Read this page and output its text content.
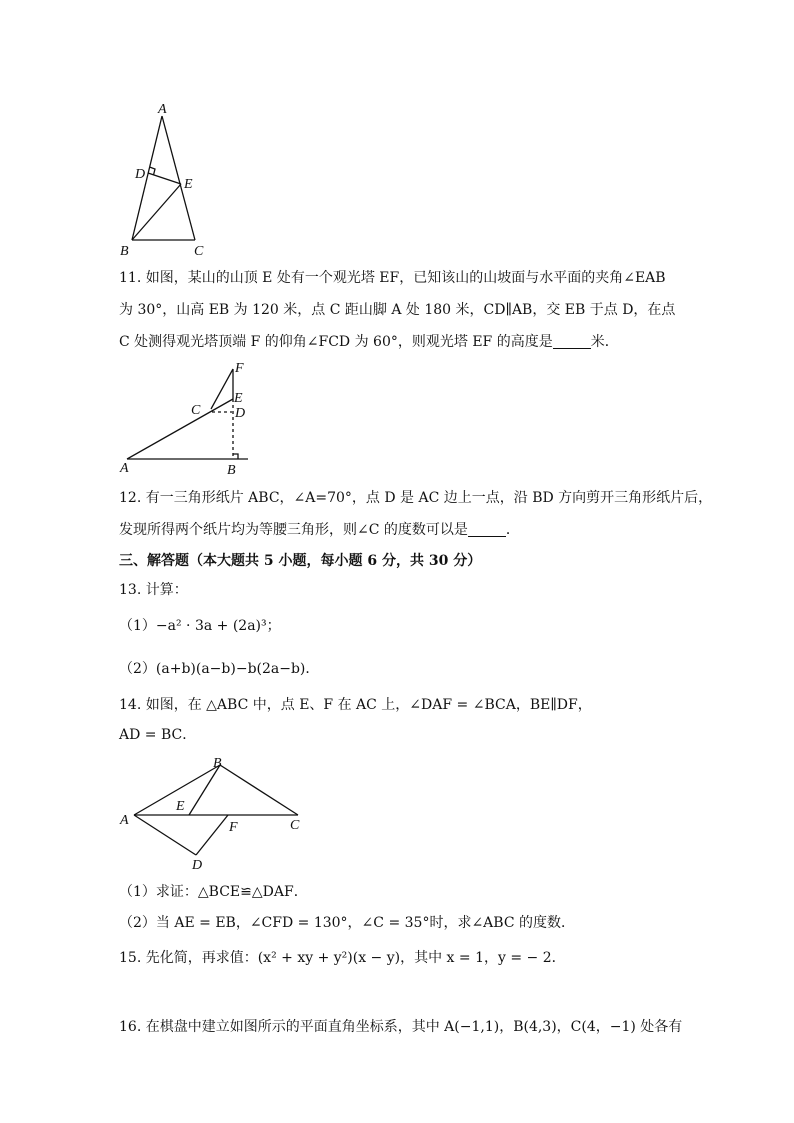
A
D
E
B	C
11. 如图，某山的山顶 E 处有一个观光塔 EF，已知该山的山坡面与水平面的夹角∠EAB
为 30°，山高 EB 为 120 米，点 C 距山脚 A 处 180 米，CD∥AB，交 EB 于点 D，在点
C 处测得观光塔顶端 F 的仰角∠FCD 为 60°，则观光塔 EF 的高度是	米．
F
E
C D
A	B
12. 有一三角形纸片 ABC，∠A=70°，点 D 是 AC 边上一点，沿 BD 方向剪开三角形纸片后，
发现所得两个纸片均为等腰三角形，则∠C 的度数可以是	．
三、解答题（本大题共 5 小题，每小题 6 分，共 30 分）
13. 计算：
（1）−a² · 3a + (2a)³；
（2）(a+b)(a−b)−b(2a−b)．
14. 如图，在 △ABC 中，点 E、F 在 AC 上，∠DAF = ∠BCA，BE∥DF，
AD = BC．
B
E
A	F	C
D
（1）求证：△BCE≌△DAF．
（2）当 AE = EB，∠CFD = 130°，∠C = 35°时，求∠ABC 的度数．
15. 先化简，再求值：(x² + xy + y²)(x − y)，其中 x = 1，y = − 2．
16. 在棋盘中建立如图所示的平面直角坐标系，其中 A(−1,1)，B(4,3)，C(4，−1) 处各有
